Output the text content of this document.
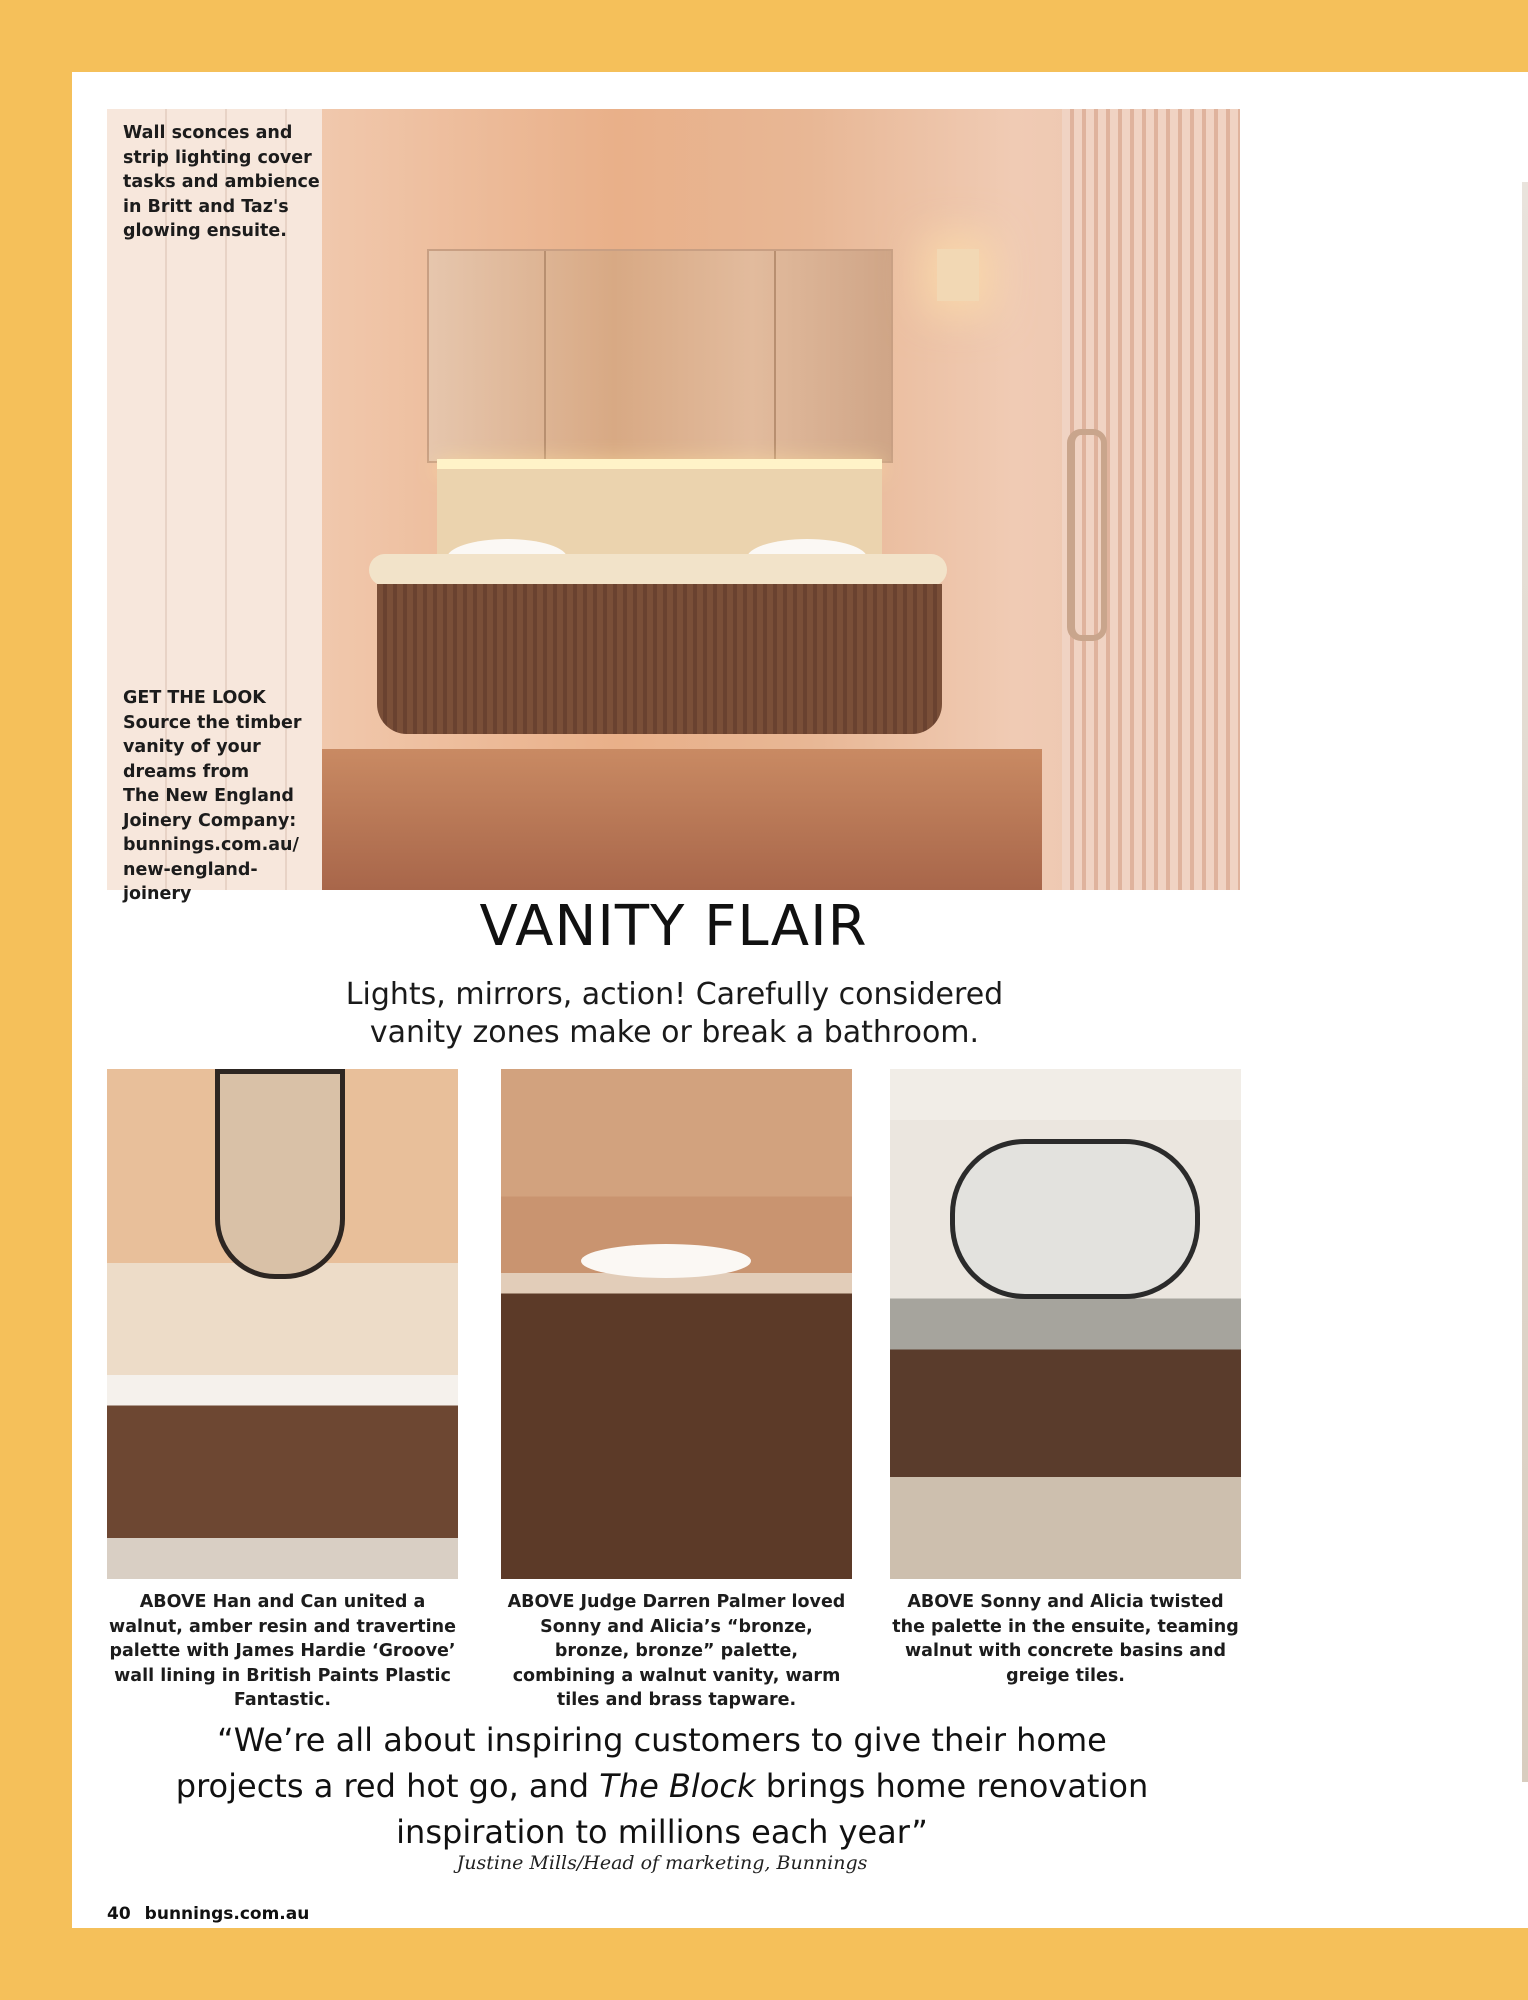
Wall sconces and strip lighting cover tasks and ambience in Britt and Taz's glowing ensuite.
GET THE LOOK
Source the timber
vanity of your
dreams from
The New England
Joinery Company:
bunnings.com.au/
new-england-joinery	VANITY FLAIR
Lights, mirrors, action! Carefully considered vanity zones make or break a bathroom.
ABOVE Han and Can united a walnut, amber resin and travertine palette with James Hardie ‘Groove’ wall lining in British Paints Plastic Fantastic.
ABOVE Judge Darren Palmer loved Sonny and Alicia’s “bronze, bronze, bronze” palette, combining a walnut vanity, warm tiles and brass tapware.
ABOVE Sonny and Alicia twisted the palette in the ensuite, teaming walnut with concrete basins and greige tiles.
“We’re all about inspiring customers to give their home projects a red hot go, and The Block brings home renovation inspiration to millions each year”
Justine Mills/Head of marketing, Bunnings
40 bunnings.com.au
